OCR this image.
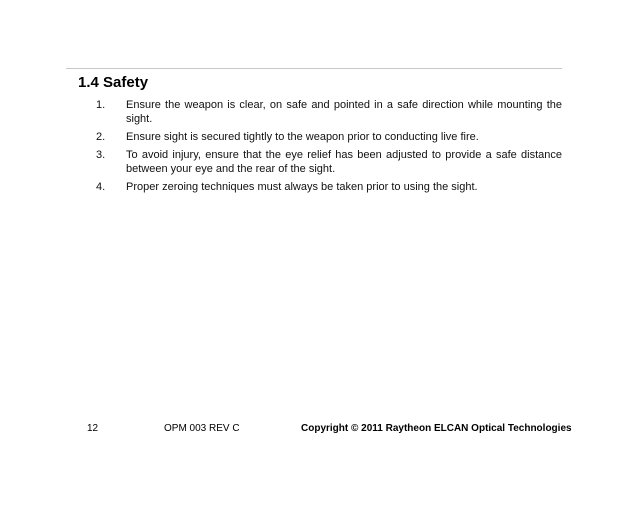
1.4 Safety
1.	Ensure the weapon is clear, on safe and pointed in a safe direction while mounting the sight.
2.	Ensure sight is secured tightly to the weapon prior to conducting live fire.
3.	To avoid injury, ensure that the eye relief has been adjusted to provide a safe distance between your eye and the rear of the sight.
4.	Proper zeroing techniques must always be taken prior to using the sight.
12	OPM 003 REV C	Copyright © 2011 Raytheon ELCAN Optical Technologies
